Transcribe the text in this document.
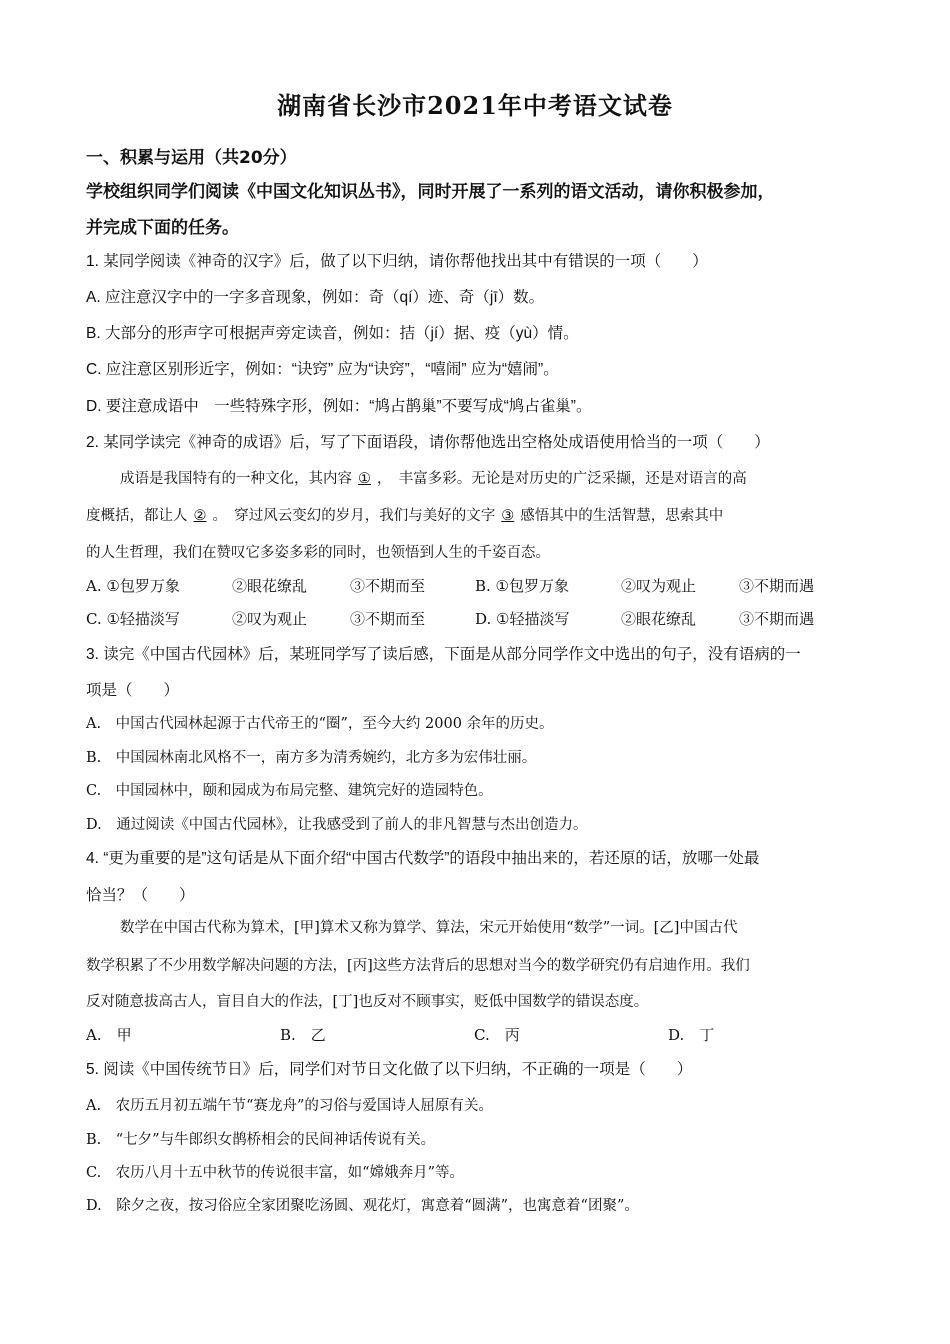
湖南省长沙市2021年中考语文试卷
一、积累与运用（共20分）
学校组织同学们阅读《中国文化知识丛书》，同时开展了一系列的语文活动，请你积极参加，
并完成下面的任务。
1. 某同学阅读《神奇的汉字》后，做了以下归纳，请你帮他找出其中有错误的一项（　　）
A. 应注意汉字中的一字多音现象，例如：奇（qí）迹、奇（jī）数。
B. 大部分的形声字可根据声旁定读音，例如：拮（jí）据、疫（yù）情。
C. 应注意区别形近字，例如：“诀窍” 应为“诀窍”，“嘻闹” 应为“嬉闹”。
D. 要注意成语中　一些特殊字形，例如：“鸠占鹊巢”不要写成“鸠占雀巢”。
2. 某同学读完《神奇的成语》后，写了下面语段，请你帮他选出空格处成语使用恰当的一项（　　）
成语是我国特有的一种文化，其内容 ① ，　丰富多彩。无论是对历史的广泛采撷，还是对语言的高
度概括，都让人 ② 。　穿过风云变幻的岁月，我们与美好的文字 ③ 感悟其中的生活智慧，思索其中
的人生哲理，我们在赞叹它多姿多彩的同时，也领悟到人生的千姿百态。
A. ①包罗万象	②眼花缭乱	③不期而至	B. ①包罗万象	②叹为观止	③不期而遇
C. ①轻描淡写	②叹为观止	③不期而至	D. ①轻描淡写	②眼花缭乱	③不期而遇
3. 读完《中国古代园林》后，某班同学写了读后感，下面是从部分同学作文中选出的句子，没有语病的一
项是（　　）
A.　中国古代园林起源于古代帝王的“圈”，至今大约 2000 余年的历史。
B.　中国园林南北风格不一，南方多为清秀婉约，北方多为宏伟壮丽。
C.　中国园林中，颐和园成为布局完整、建筑完好的造园特色。
D.　通过阅读《中国古代园林》，让我感受到了前人的非凡智慧与杰出创造力。
4. “更为重要的是”这句话是从下面介绍“中国古代数学”的语段中抽出来的，若还原的话，放哪一处最
恰当？（　　）
数学在中国古代称为算术，[甲]算术又称为算学、算法，宋元开始使用“数学”一词。[乙]中国古代
数学积累了不少用数学解决问题的方法，[丙]这些方法背后的思想对当今的数学研究仍有启迪作用。我们
反对随意拔高古人，盲目自大的作法，[丁]也反对不顾事实，贬低中国数学的错误态度。
A.　甲	B.　乙	C.　丙	D.　丁
5. 阅读《中国传统节日》后，同学们对节日文化做了以下归纳，不正确的一项是（　　）
A.　农历五月初五端午节“赛龙舟”的习俗与爱国诗人屈原有关。
B.　“七夕”与牛郎织女鹊桥相会的民间神话传说有关。
C.　农历八月十五中秋节的传说很丰富，如“嫦娥奔月”等。
D.　除夕之夜，按习俗应全家团聚吃汤圆、观花灯，寓意着“圆满”，也寓意着“团聚”。
